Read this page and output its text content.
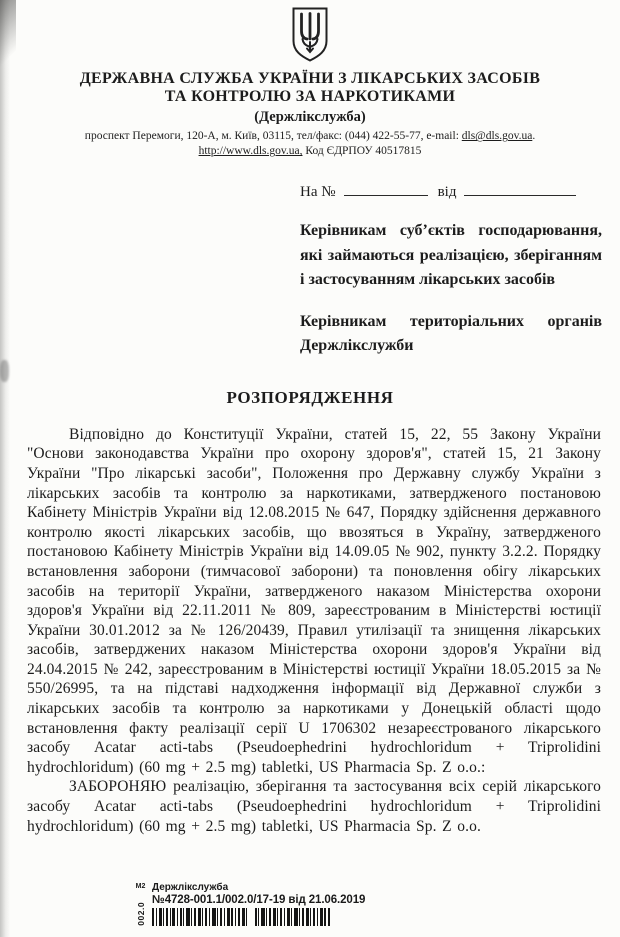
ДЕРЖАВНА СЛУЖБА УКРАЇНИ З ЛІКАРСЬКИХ ЗАСОБІВ
ТА КОНТРОЛЮ ЗА НАРКОТИКАМИ
(Держлікслужба)
проспект Перемоги, 120-А, м. Київ, 03115, тел/факс: (044) 422-55-77, e-mail: dls@dls.gov.ua.
http://www.dls.gov.ua, Код ЄДРПОУ 40517815
На №	від

Керівникам суб’єктів господарювання, які займаються реалізацією, зберіганням і застосуванням лікарських засобів

Керівникам територіальних органів Держлікслужби

РОЗПОРЯДЖЕННЯ

Відповідно до Конституції України, статей 15, 22, 55 Закону України "Основи законодавства України про охорону здоров'я", статей 15, 21 Закону України "Про лікарські засоби", Положення про Державну службу України з лікарських засобів та контролю за наркотиками, затвердженого постановою Кабінету Міністрів України від 12.08.2015 № 647, Порядку здійснення державного контролю якості лікарських засобів, що ввозяться в Україну, затвердженого постановою Кабінету Міністрів України від 14.09.05 № 902, пункту 3.2.2. Порядку встановлення заборони (тимчасової заборони) та поновлення обігу лікарських засобів на території України, затвердженого наказом Міністерства охорони здоров'я України від 22.11.2011 № 809, зареєстрованим в Міністерстві юстиції України 30.01.2012 за № 126/20439, Правил утилізації та знищення лікарських засобів, затверджених наказом Міністерства охорони здоров'я України від 24.04.2015 № 242, зареєстрованим в Міністерстві юстиції України 18.05.2015 за № 550/26995, та на підставі надходження інформації від Державної служби з лікарських засобів та контролю за наркотиками у Донецькій області щодо встановлення факту реалізації серії U 1706302 незареєстрованого лікарського засобу Acatar acti-tabs (Pseudoephedrini hydrochloridum + Triprolidini hydrochloridum) (60 mg + 2.5 mg) tabletki, US Pharmacia Sp. Z o.o.:

ЗАБОРОНЯЮ реалізацію, зберігання та застосування всіх серій лікарського засобу Acatar acti-tabs (Pseudoephedrini hydrochloridum + Triprolidini hydrochloridum) (60 mg + 2.5 mg) tabletki, US Pharmacia Sp. Z o.o.

М2
002.0
Держлікслужба
№4728-001.1/002.0/17-19 від 21.06.2019
